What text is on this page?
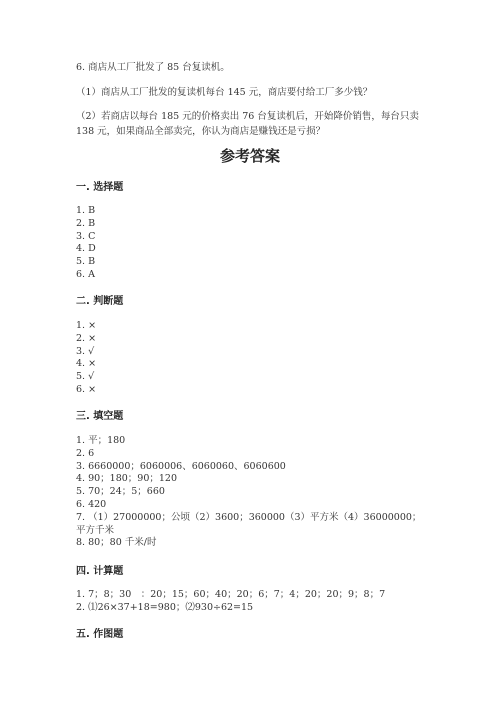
6. 商店从工厂批发了 85 台复读机。
（1）商店从工厂批发的复读机每台 145 元，商店要付给工厂多少钱？
（2）若商店以每台 185 元的价格卖出 76 台复读机后，开始降价销售，每台只卖 138 元，如果商品全部卖完，你认为商店是赚钱还是亏损？
参考答案
一. 选择题
1. B
2. B
3. C
4. D
5. B
6. A
二. 判断题
1. ×
2. ×
3. √
4. ×
5. √
6. ×
三. 填空题
1. 平；180
2. 6
3. 6660000；6060006、6060060、6060600
4. 90；180；90；120
5. 70；24；5；660
6. 420
7. （1）27000000；公顷（2）3600；360000（3）平方米（4）36000000；平方千米
8. 80；80 千米/时
四. 计算题
1. 7；8；30　：20；15；60；40；20；6；7；4；20；20；9；8；7
2. ⑴26×37+18=980；⑵930÷62=15
五. 作图题
